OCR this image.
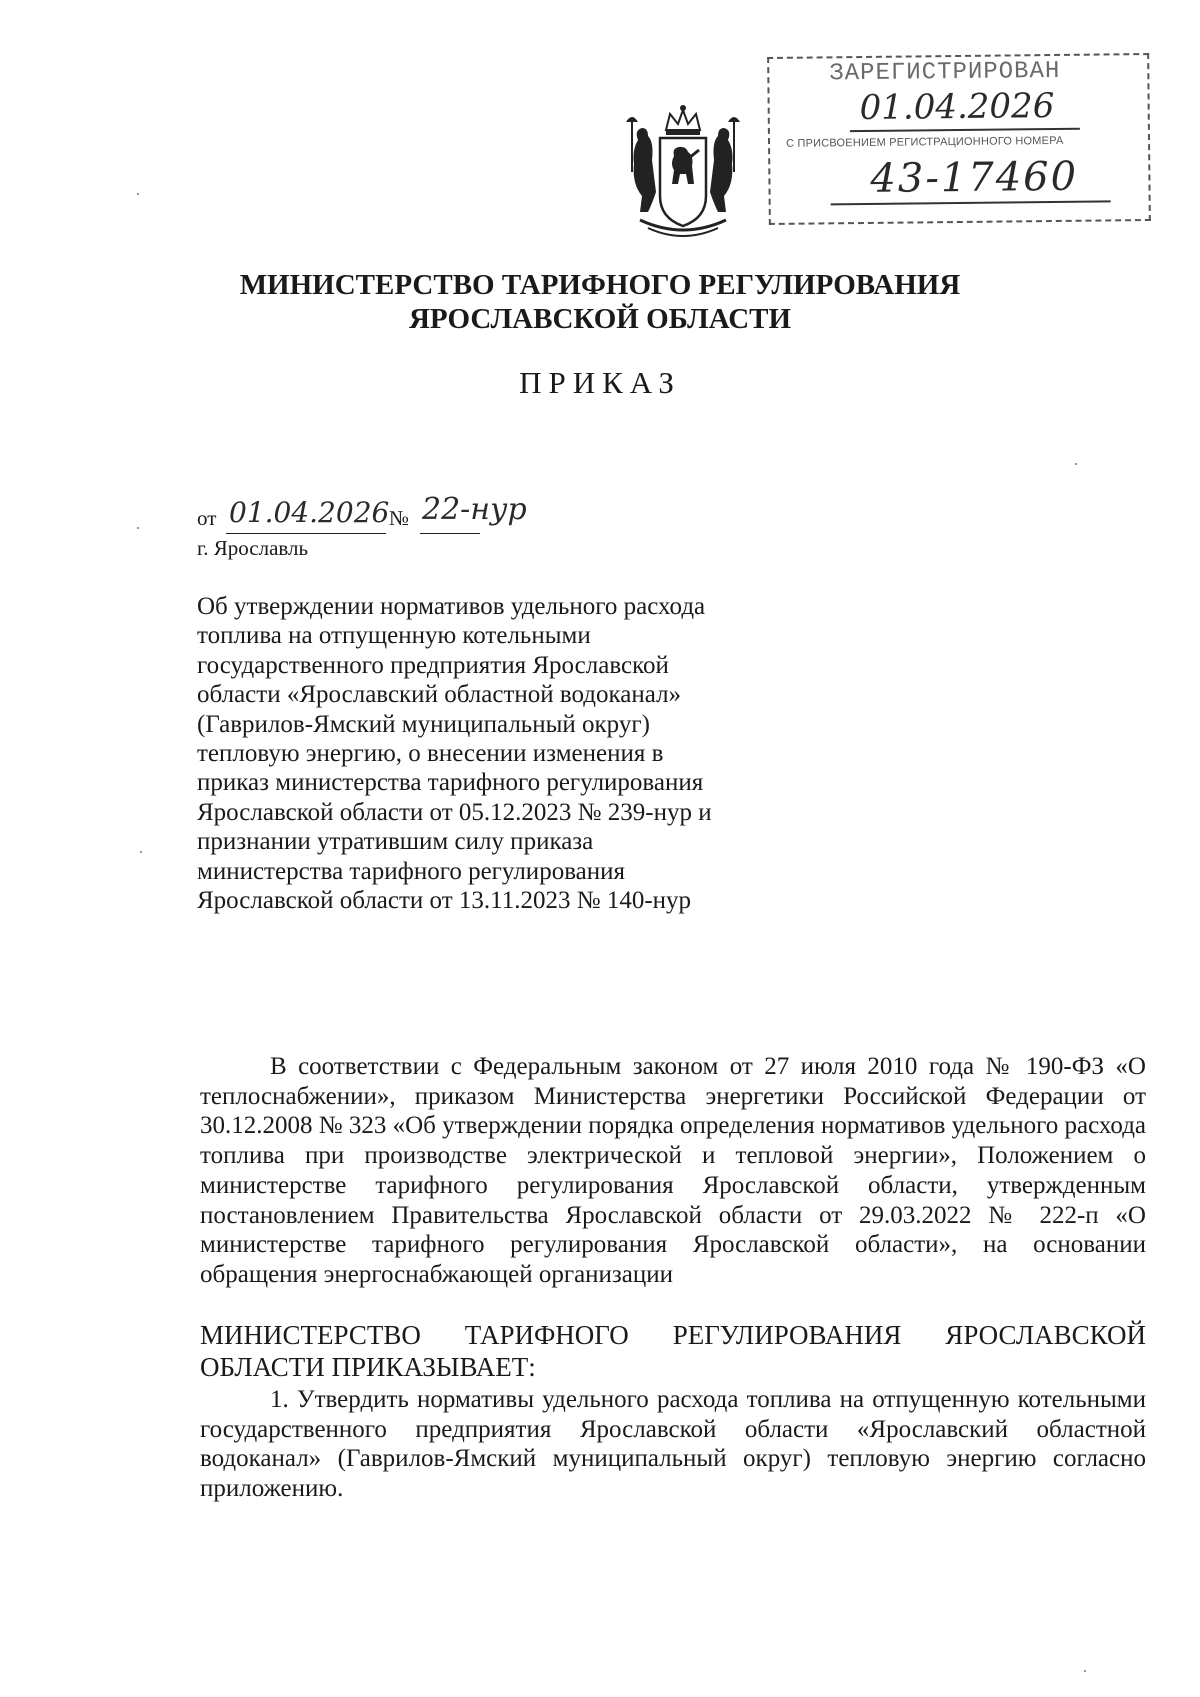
ЗАРЕГИСТРИРОВАН
01.04.2026
С ПРИСВОЕНИЕМ РЕГИСТРАЦИОННОГО НОМЕРА
43-17460
МИНИСТЕРСТВО ТАРИФНОГО РЕГУЛИРОВАНИЯ
ЯРОСЛАВСКОЙ ОБЛАСТИ
ПРИКАЗ
от 01.04.2026 № 22-нур
г. Ярославль
Об утверждении нормативов удельного расхода топлива на отпущенную котельными государственного предприятия Ярославской области «Ярославский областной водоканал» (Гаврилов-Ямский муниципальный округ) тепловую энергию, о внесении изменения в приказ министерства тарифного регулирования Ярославской области от 05.12.2023 № 239-нур и признании утратившим силу приказа министерства тарифного регулирования Ярославской области от 13.11.2023 № 140-нур
В соответствии с Федеральным законом от 27 июля 2010 года № 190-ФЗ «О теплоснабжении», приказом Министерства энергетики Российской Федерации от 30.12.2008 № 323 «Об утверждении порядка определения нормативов удельного расхода топлива при производстве электрической и тепловой энергии», Положением о министерстве тарифного регулирования Ярославской области, утвержденным постановлением Правительства Ярославской области от 29.03.2022 № 222-п «О министерстве тарифного регулирования Ярославской области», на основании обращения энергоснабжающей организации
МИНИСТЕРСТВО ТАРИФНОГО РЕГУЛИРОВАНИЯ ЯРОСЛАВСКОЙ
ОБЛАСТИ ПРИКАЗЫВАЕТ:
1. Утвердить нормативы удельного расхода топлива на отпущенную котельными государственного предприятия Ярославской области «Ярославский областной водоканал» (Гаврилов-Ямский муниципальный округ) тепловую энергию согласно приложению.
